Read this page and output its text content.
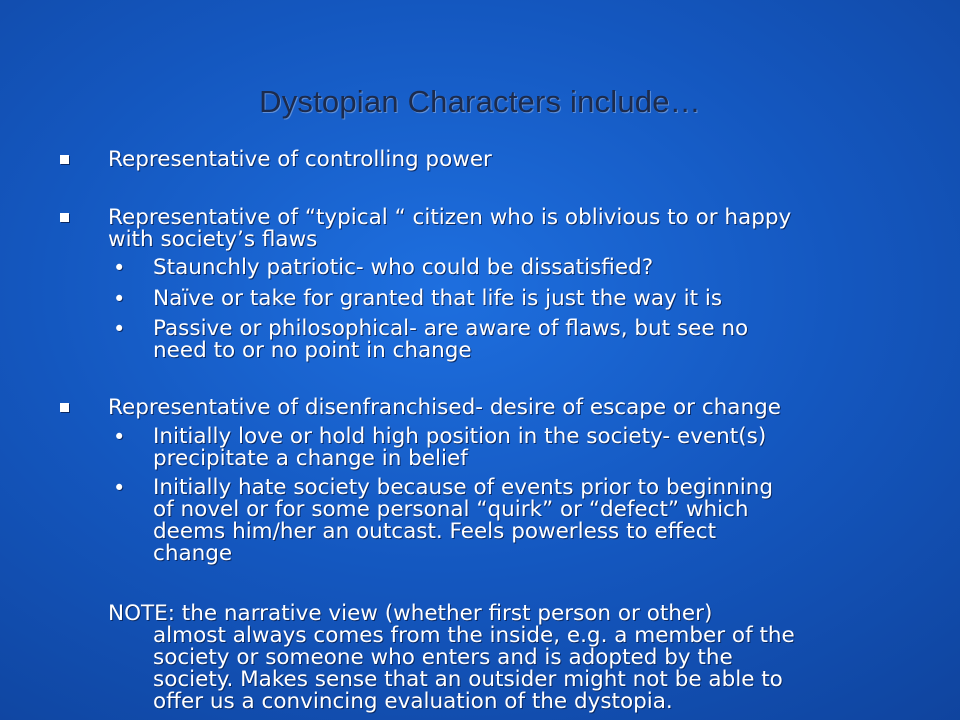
Dystopian Characters include…
Representative of controlling power
Representative of “typical “ citizen who is oblivious to or happy
with society’s flaws
• Staunchly patriotic- who could be dissatisfied?
• Naïve or take for granted that life is just the way it is
• Passive or philosophical- are aware of flaws, but see no
need to or no point in change
Representative of disenfranchised- desire of escape or change
• Initially love or hold high position in the society- event(s)
precipitate a change in belief
• Initially hate society because of events prior to beginning
of novel or for some personal “quirk” or “defect” which
deems him/her an outcast. Feels powerless to effect
change
NOTE: the narrative view (whether first person or other)
almost always comes from the inside, e.g. a member of the
society or someone who enters and is adopted by the
society. Makes sense that an outsider might not be able to
offer us a convincing evaluation of the dystopia.
